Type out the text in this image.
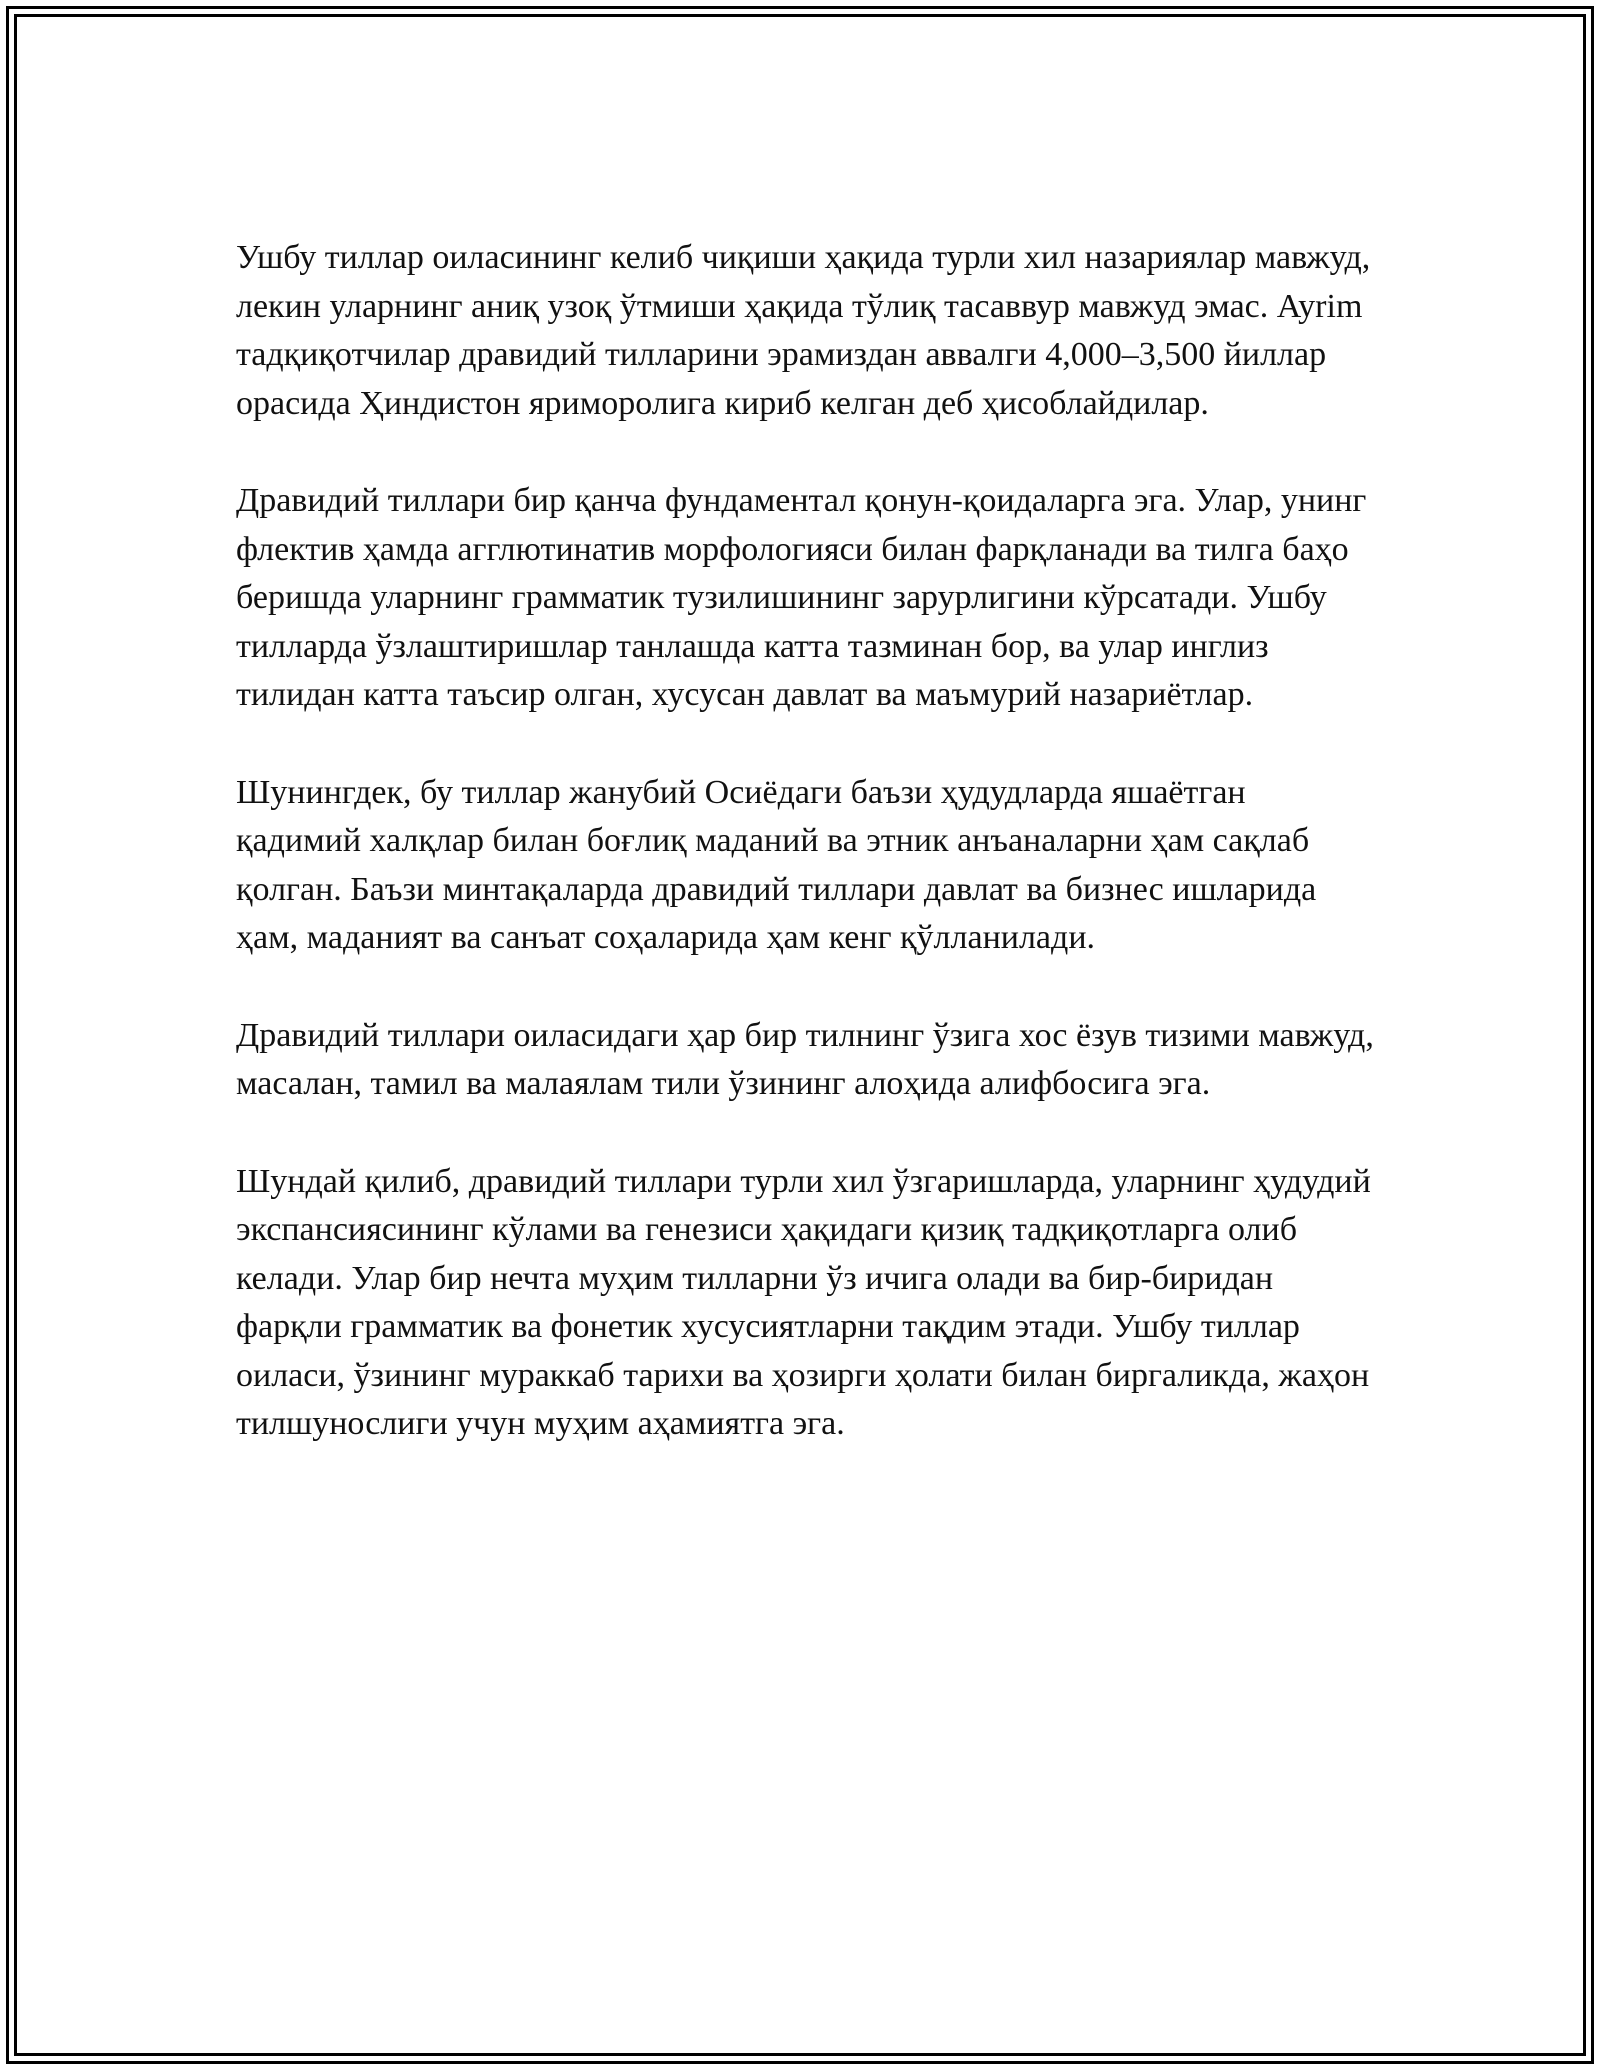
Ушбу тиллар оиласининг келиб чиқиши ҳақида турли хил назариялар мавжуд, лекин уларнинг аниқ узоқ ўтмиши ҳақида тўлиқ тасаввур мавжуд эмас. Ayrim тадқиқотчилар дравидий тилларини эрамиздан аввалги 4,000–3,500 йиллар орасида Ҳиндистон яриморолига кириб келган деб ҳисоблайдилар.

Дравидий тиллари бир қанча фундаментал қонун-қоидаларга эга. Улар, унинг флектив ҳамда агглютинатив морфологияси билан фарқланади ва тилга баҳо беришда уларнинг грамматик тузилишининг зарурлигини кўрсатади. Ушбу тилларда ўзлаштиришлар танлашда катта тазминан бор, ва улар инглиз тилидан катта таъсир олган, хусусан давлат ва маъмурий назариётлар.

Шунингдек, бу тиллар жанубий Осиёдаги баъзи ҳудудларда яшаётган қадимий халқлар билан боғлиқ маданий ва этник анъаналарни ҳам сақлаб қолган. Баъзи минтақаларда дравидий тиллари давлат ва бизнес ишларида ҳам, маданият ва санъат соҳаларида ҳам кенг қўлланилади.

Дравидий тиллари оиласидаги ҳар бир тилнинг ўзига хос ёзув тизими мавжуд, масалан, тамил ва малаялам тили ўзининг алоҳида алифбосига эга.

Шундай қилиб, дравидий тиллари турли хил ўзгаришларда, уларнинг ҳудудий экспансиясининг кўлами ва генезиси ҳақидаги қизиқ тадқиқотларга олиб келади. Улар бир нечта муҳим тилларни ўз ичига олади ва бир-биридан фарқли грамматик ва фонетик хусусиятларни тақдим этади. Ушбу тиллар оиласи, ўзининг мураккаб тарихи ва ҳозирги ҳолати билан биргаликда, жаҳон тилшунослиги учун муҳим аҳамиятга эга.
